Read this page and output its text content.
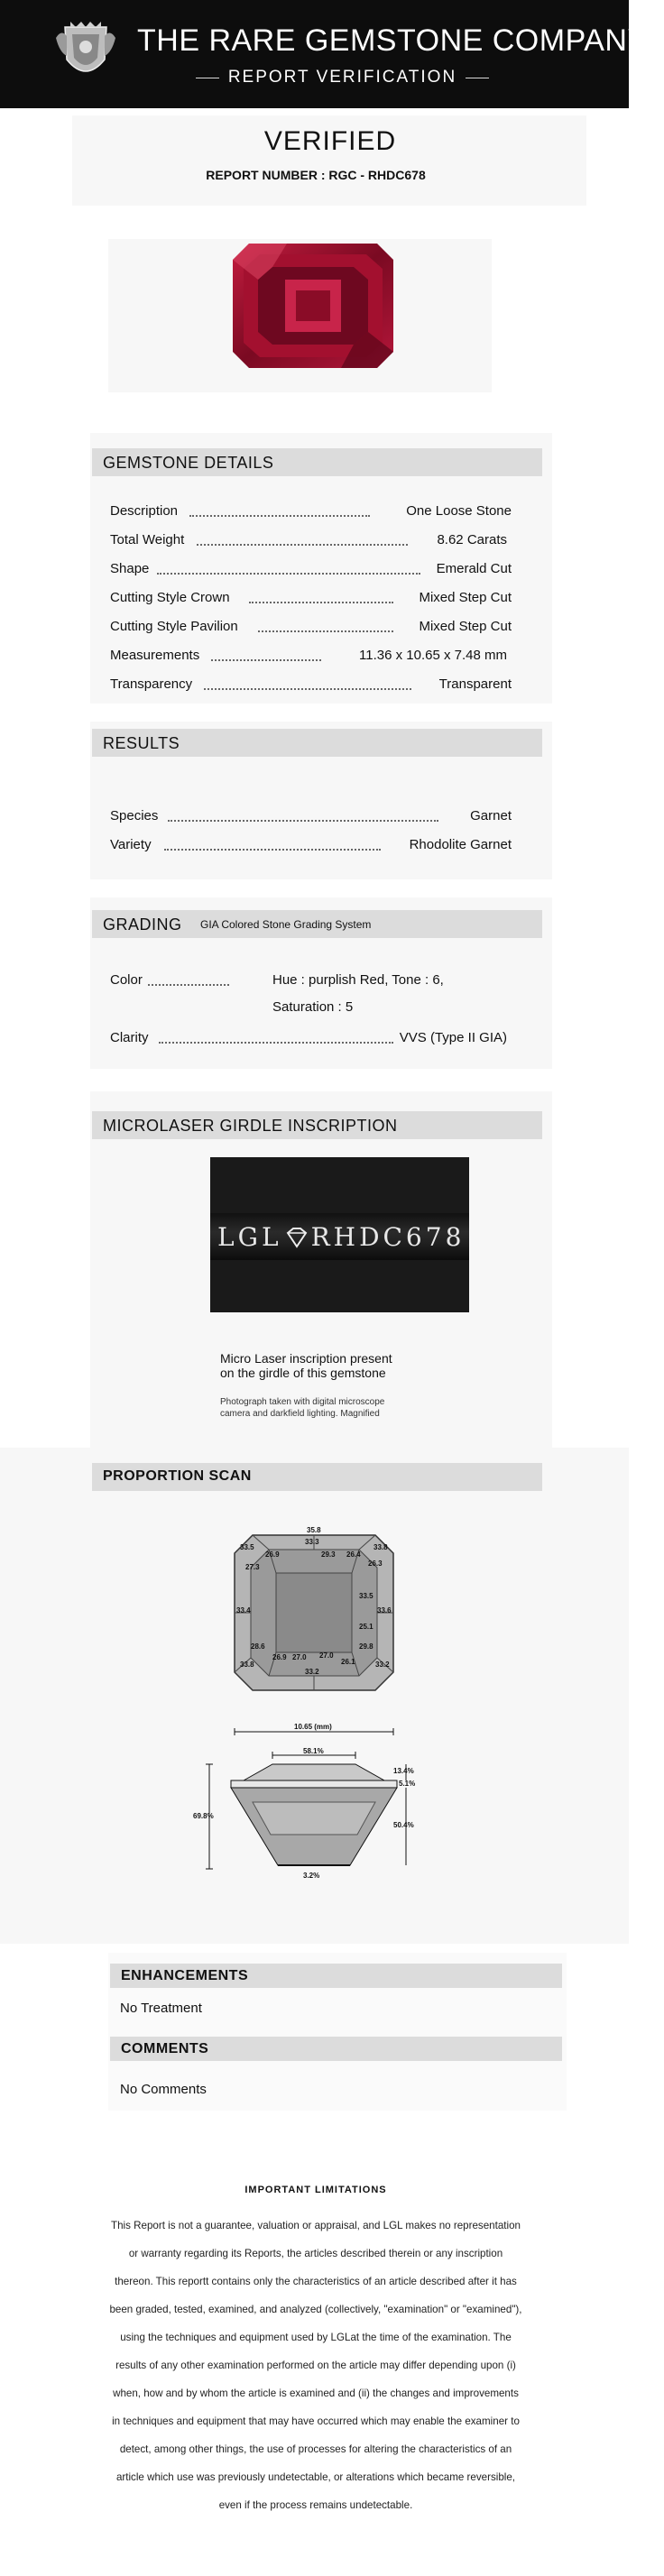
THE RARE GEMSTONE COMPANY ™
REPORT VERIFICATION
VERIFIED
REPORT NUMBER : RGC - RHDC678
GEMSTONE DETAILS
Description	One Loose Stone
Total Weight	8.62 Carats
Shape	Emerald Cut
Cutting Style Crown	Mixed Step Cut
Cutting Style Pavilion	Mixed Step Cut
Measurements	11.36 x 10.65 x 7.48 mm
Transparency	Transparent
RESULTS
Species	Garnet
Variety	Rhodolite Garnet
GRADING GIA Colored Stone Grading System
Color	Hue : purplish Red, Tone : 6,
Saturation : 5
Clarity	VVS (Type II GIA)
MICROLASER GIRDLE INSCRIPTION
LGL RHDC678
Micro Laser inscription present
on the girdle of this gemstone
Photograph taken with digital microscope
camera and darkfield lighting. Magnified
PROPORTION SCAN
35.8
33.3
33.5	33.8
26.9	29.3 26.4
26.3
27.3
33.4
33.5
33.6
28.6
25.1
29.8
27.0
26.9	27.0
33.8
33.2
33.2
26.1
10.65 (mm)
58.1%
13.4%
5.1%
69.8%
50.4%
3.2%
ENHANCEMENTS
No Treatment
COMMENTS
No Comments
IMPORTANT LIMITATIONS

This Report is not a guarantee, valuation or appraisal, and LGL makes no representation or warranty regarding its Reports, the articles described therein or any inscription thereon. This reportt contains only the characteristics of an article described after it has been graded, tested, examined, and analyzed (collectively, "examination" or "examined"), using the techniques and equipment used by LGLat the time of the examination. The results of any other examination performed on the article may differ depending upon (i) when, how and by whom the article is examined and (ii) the changes and improvements in techniques and equipment that may have occurred which may enable the examiner to detect, among other things, the use of processes for altering the characteristics of an article which use was previously undetectable, or alterations which became reversible, even if the process remains undetectable.
